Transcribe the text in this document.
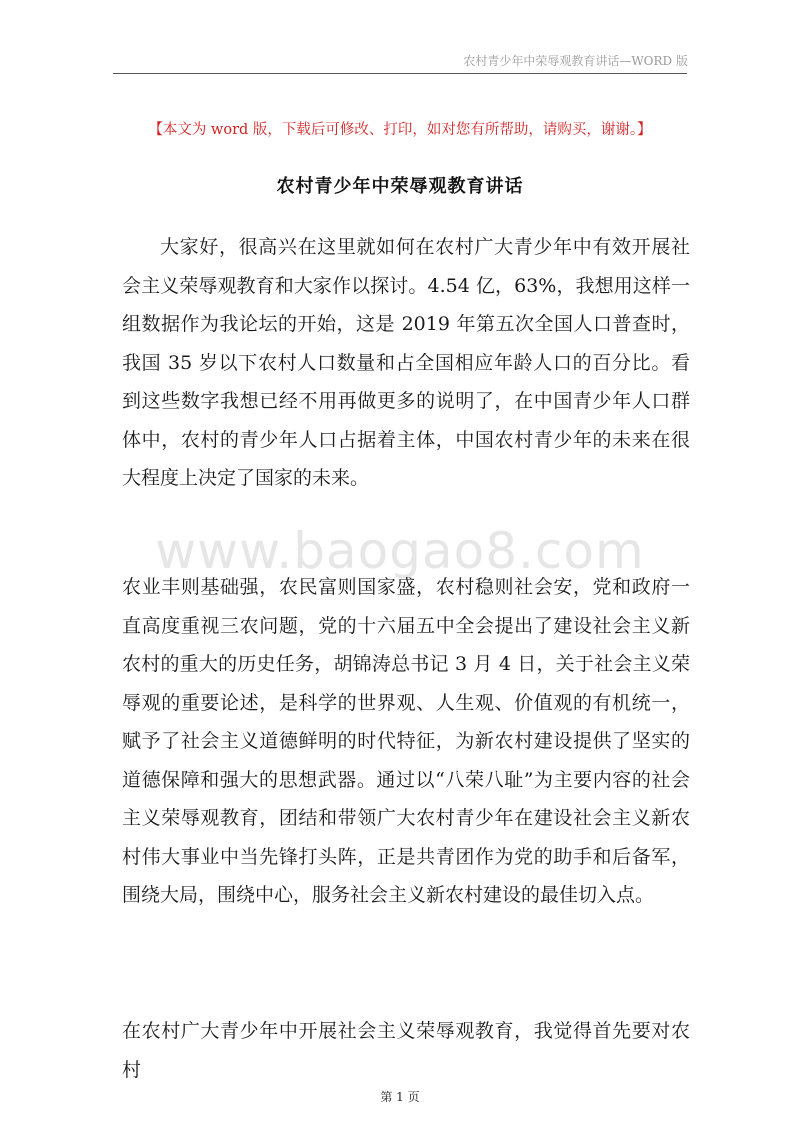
农村青少年中荣辱观教育讲话—WORD 版
【本文为 word 版，下载后可修改、打印，如对您有所帮助，请购买，谢谢。】
农村青少年中荣辱观教育讲话
www.baogao8.com

大家好，很高兴在这里就如何在农村广大青少年中有效开展社会主义荣辱观教育和大家作以探讨。4.54 亿，63%，我想用这样一组数据作为我论坛的开始，这是 2019 年第五次全国人口普查时，我国 35 岁以下农村人口数量和占全国相应年龄人口的百分比。看到这些数字我想已经不用再做更多的说明了，在中国青少年人口群体中，农村的青少年人口占据着主体，中国农村青少年的未来在很大程度上决定了国家的未来。

农业丰则基础强，农民富则国家盛，农村稳则社会安，党和政府一直高度重视三农问题，党的十六届五中全会提出了建设社会主义新农村的重大的历史任务，胡锦涛总书记 3 月 4 日，关于社会主义荣辱观的重要论述，是科学的世界观、人生观、价值观的有机统一，赋予了社会主义道德鲜明的时代特征，为新农村建设提供了坚实的道德保障和强大的思想武器。通过以“八荣八耻”为主要内容的社会主义荣辱观教育，团结和带领广大农村青少年在建设社会主义新农村伟大事业中当先锋打头阵，正是共青团作为党的助手和后备军，围绕大局，围绕中心，服务社会主义新农村建设的最佳切入点。

在农村广大青少年中开展社会主义荣辱观教育，我觉得首先要对农村

第 1 页
